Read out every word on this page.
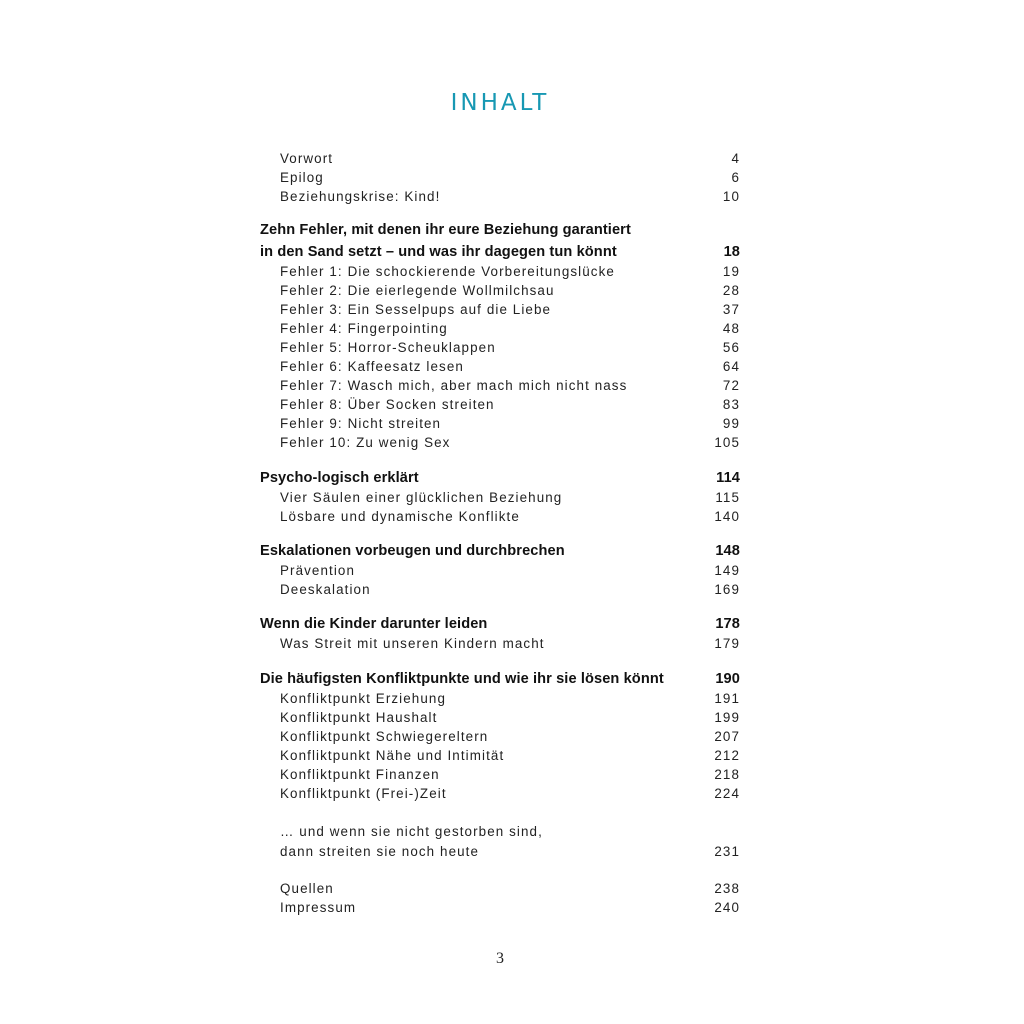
INHALT
Vorwort	4
Epilog	6
Beziehungskrise: Kind!	10
Zehn Fehler, mit denen ihr eure Beziehung garantiert
in den Sand setzt – und was ihr dagegen tun könnt	18
Fehler 1: Die schockierende Vorbereitungslücke	19
Fehler 2: Die eierlegende Wollmilchsau	28
Fehler 3: Ein Sesselpups auf die Liebe	37
Fehler 4: Fingerpointing	48
Fehler 5: Horror-Scheuklappen	56
Fehler 6: Kaffeesatz lesen	64
Fehler 7: Wasch mich, aber mach mich nicht nass	72
Fehler 8: Über Socken streiten	83
Fehler 9: Nicht streiten	99
Fehler 10: Zu wenig Sex	105
Psycho-logisch erklärt	114
Vier Säulen einer glücklichen Beziehung	115
Lösbare und dynamische Konflikte	140
Eskalationen vorbeugen und durchbrechen	148
Prävention	149
Deeskalation	169
Wenn die Kinder darunter leiden	178
Was Streit mit unseren Kindern macht	179
Die häufigsten Konfliktpunkte und wie ihr sie lösen könnt	190
Konfliktpunkt Erziehung	191
Konfliktpunkt Haushalt	199
Konfliktpunkt Schwiegereltern	207
Konfliktpunkt Nähe und Intimität	212
Konfliktpunkt Finanzen	218
Konfliktpunkt (Frei-)Zeit	224
… und wenn sie nicht gestorben sind,
dann streiten sie noch heute	231
Quellen	238
Impressum	240
3
